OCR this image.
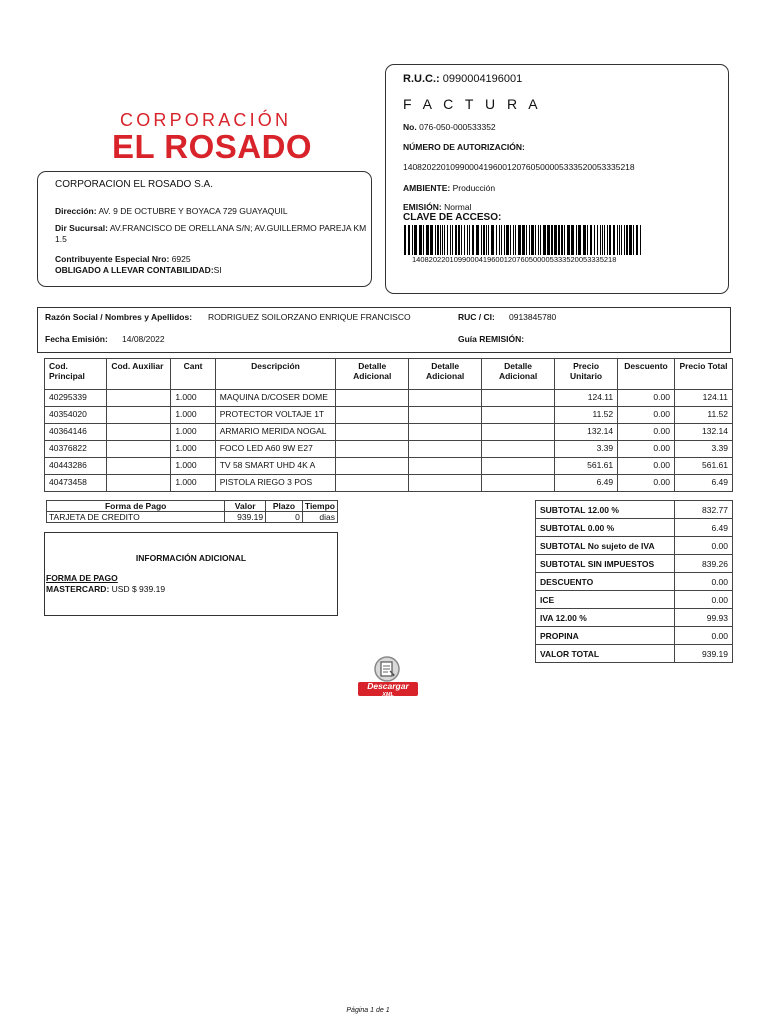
CORPORACIÓN
EL ROSADO
CORPORACION EL ROSADO S.A.
Dirección: AV. 9 DE OCTUBRE Y BOYACA 729 GUAYAQUIL
Dir Sucursal: AV.FRANCISCO DE ORELLANA S/N; AV.GUILLERMO PAREJA KM 1.5
Contribuyente Especial Nro: 6925
OBLIGADO A LLEVAR CONTABILIDAD:SI
R.U.C.: 0990004196001
F A C T U R A
No. 076-050-000533352
NÚMERO DE AUTORIZACIÓN:
1408202201099000419600120760500005333520053335218
AMBIENTE: Producción
EMISIÓN: Normal
CLAVE DE ACCESO:
1408202201099000419600120760500005333520053335218
Razón Social / Nombres y Apellidos: RODRIGUEZ SOILORZANO ENRIQUE FRANCISCO	RUC / CI: 0913845780
Fecha Emisión: 14/08/2022	Guía REMISIÓN:
Cod. Principal	Cod. Auxiliar	Cant	Descripción	Detalle Adicional	Detalle Adicional	Detalle Adicional	Precio Unitario	Descuento	Precio Total
40295339		1.000	MAQUINA D/COSER DOME				124.11	0.00	124.11
40354020		1.000	PROTECTOR VOLTAJE 1T				11.52	0.00	11.52
40364146		1.000	ARMARIO MERIDA NOGAL				132.14	0.00	132.14
40376822		1.000	FOCO LED A60 9W E27				3.39	0.00	3.39
40443286		1.000	TV 58 SMART UHD 4K A				561.61	0.00	561.61
40473458		1.000	PISTOLA RIEGO 3 POS				6.49	0.00	6.49
Forma de Pago	Valor	Plazo	Tiempo
TARJETA DE CREDITO	939.19	0	dias
INFORMACIÓN ADICIONAL
FORMA DE PAGO
MASTERCARD: USD $ 939.19
SUBTOTAL 12.00 %	832.77
SUBTOTAL 0.00 %	6.49
SUBTOTAL No sujeto de IVA	0.00
SUBTOTAL SIN IMPUESTOS	839.26
DESCUENTO	0.00
ICE	0.00
IVA 12.00 %	99.93
PROPINA	0.00
VALOR TOTAL	939.19
Descargar
XML
Página 1 de 1
